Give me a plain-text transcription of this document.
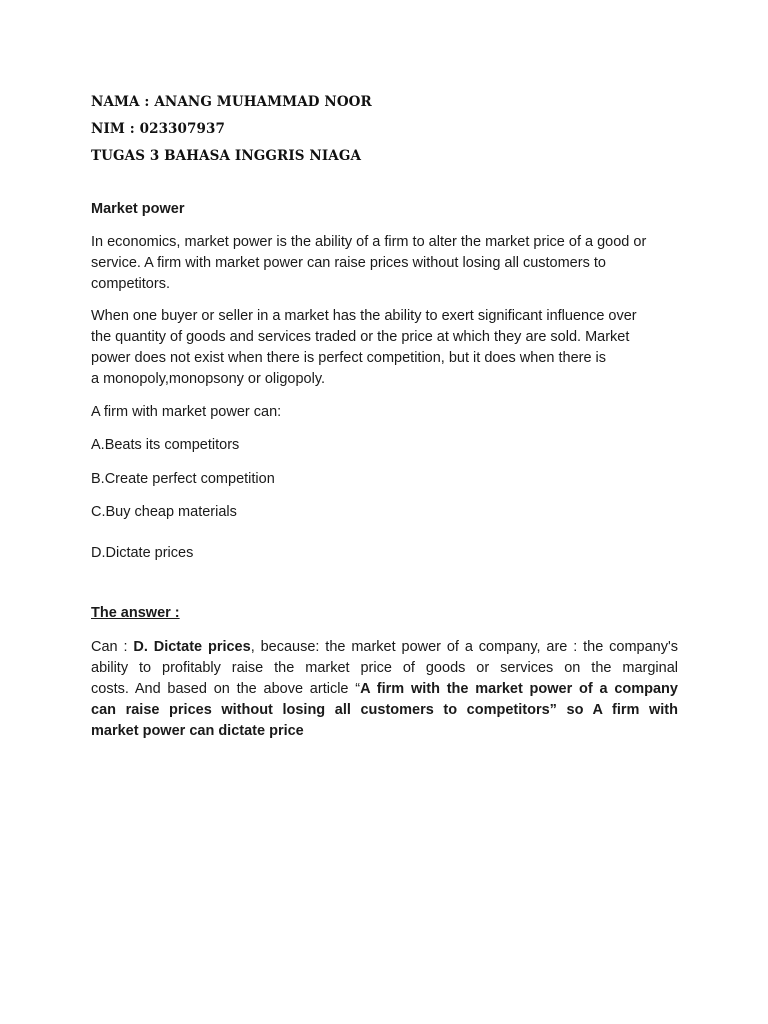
NAMA : ANANG MUHAMMAD NOOR
NIM : 023307937
TUGAS 3 BAHASA INGGRIS NIAGA
Market power
In economics, market power is the ability of a firm to alter the market price of a good or
service. A firm with market power can raise prices without losing all customers to
competitors.
When one buyer or seller in a market has the ability to exert significant influence over
the quantity of goods and services traded or the price at which they are sold. Market
power does not exist when there is perfect competition, but it does when there is
a monopoly,monopsony or oligopoly.
A firm with market power can:
A.Beats its competitors
B.Create perfect competition
C.Buy cheap materials
D.Dictate prices
The answer :
Can : D. Dictate prices, because: the market power of a company, are : the company's
ability to profitably raise the market price of goods or services on the marginal
costs. And based on the above article “A firm with the market power of a company
can raise prices without losing all customers to competitors” so A firm with
market power can dictate price
